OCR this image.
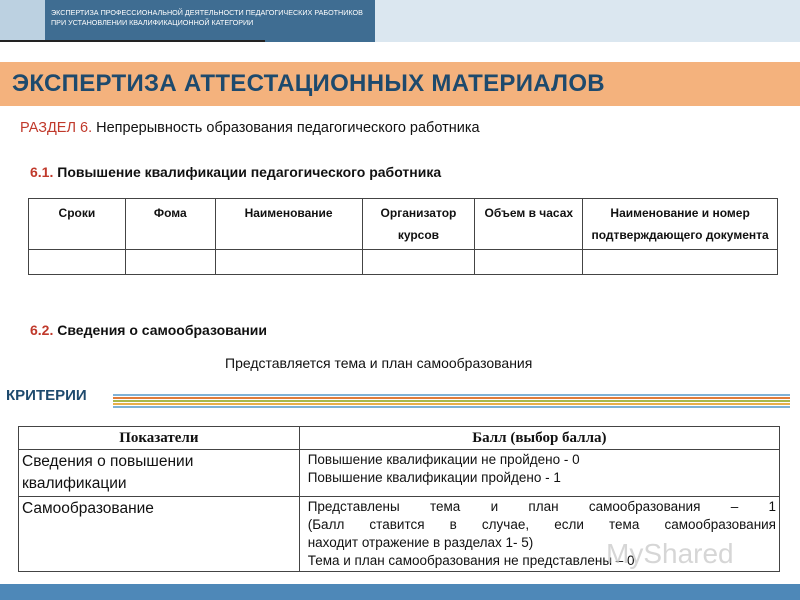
ЭКСПЕРТИЗА ПРОФЕССИОНАЛЬНОЙ ДЕЯТЕЛЬНОСТИ ПЕДАГОГИЧЕСКИХ РАБОТНИКОВ ПРИ УСТАНОВЛЕНИИ КВАЛИФИКАЦИОННОЙ КАТЕГОРИИ
ЭКСПЕРТИЗА АТТЕСТАЦИОННЫХ МАТЕРИАЛОВ
РАЗДЕЛ 6. Непрерывность образования педагогического работника
6.1. Повышение квалификации педагогического работника
Сроки	Фома	Наименование	Организатор курсов	Объем в часах	Наименование и номер подтверждающего документа

6.2. Сведения о самообразовании
Представляется тема и план самообразования
КРИТЕРИИ
Показатели	Балл (выбор балла)
Сведения о повышении квалификации	Повышение квалификации не пройдено - 0
Повышение квалификации пройдено - 1

Самообразование	Представлены тема и план самообразования – 1
(Балл ставится в случае, если тема самообразования
находит отражение в разделах 1- 5)
Тема и план самообразования не представлены – 0
MyShared
